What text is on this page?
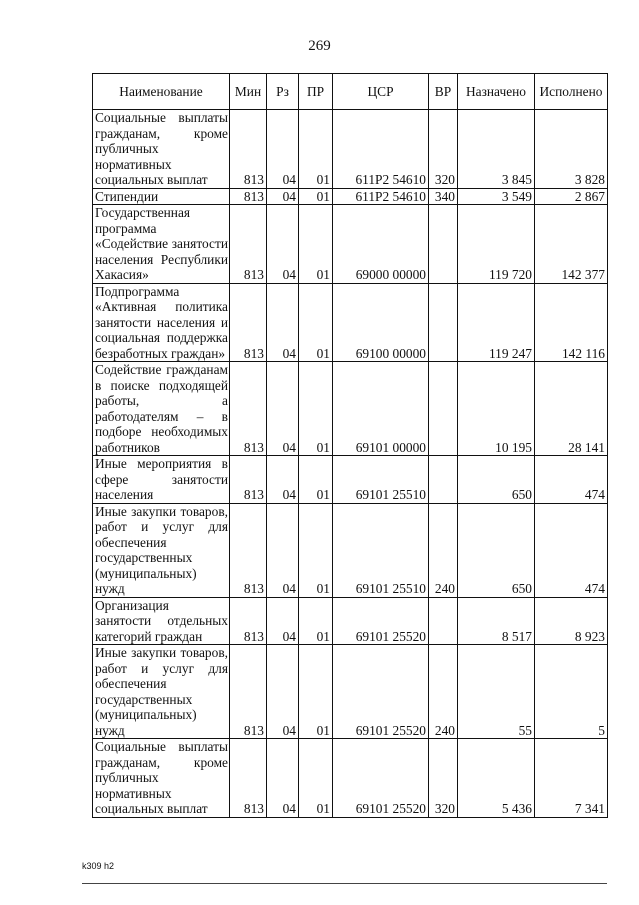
269
Наименование	Мин	Рз	ПР	ЦСР	ВР	Назначено	Исполнено
Социальные выплаты гражданам, кроме публичных нормативных социальных выплат	813	04	01	611P2 54610	320	3 845	3 828
Стипендии	813	04	01	611P2 54610	340	3 549	2 867
Государственная программа «Содействие занятости населения Республики Хакасия»	813	04	01	69000 00000		119 720	142 377
Подпрограмма «Активная политика занятости населения и социальная поддержка безработных граждан»	813	04	01	69100 00000		119 247	142 116
Содействие гражданам в поиске подходящей работы, а работодателям – в подборе необходимых работников	813	04	01	69101 00000		10 195	28 141
Иные мероприятия в сфере занятости населения	813	04	01	69101 25510		650	474
Иные закупки товаров, работ и услуг для обеспечения государственных (муниципальных) нужд	813	04	01	69101 25510	240	650	474
Организация занятости отдельных категорий граждан	813	04	01	69101 25520		8 517	8 923
Иные закупки товаров, работ и услуг для обеспечения государственных (муниципальных) нужд	813	04	01	69101 25520	240	55	5
Социальные выплаты гражданам, кроме публичных нормативных социальных выплат	813	04	01	69101 25520	320	5 436	7 341
k309 h2
